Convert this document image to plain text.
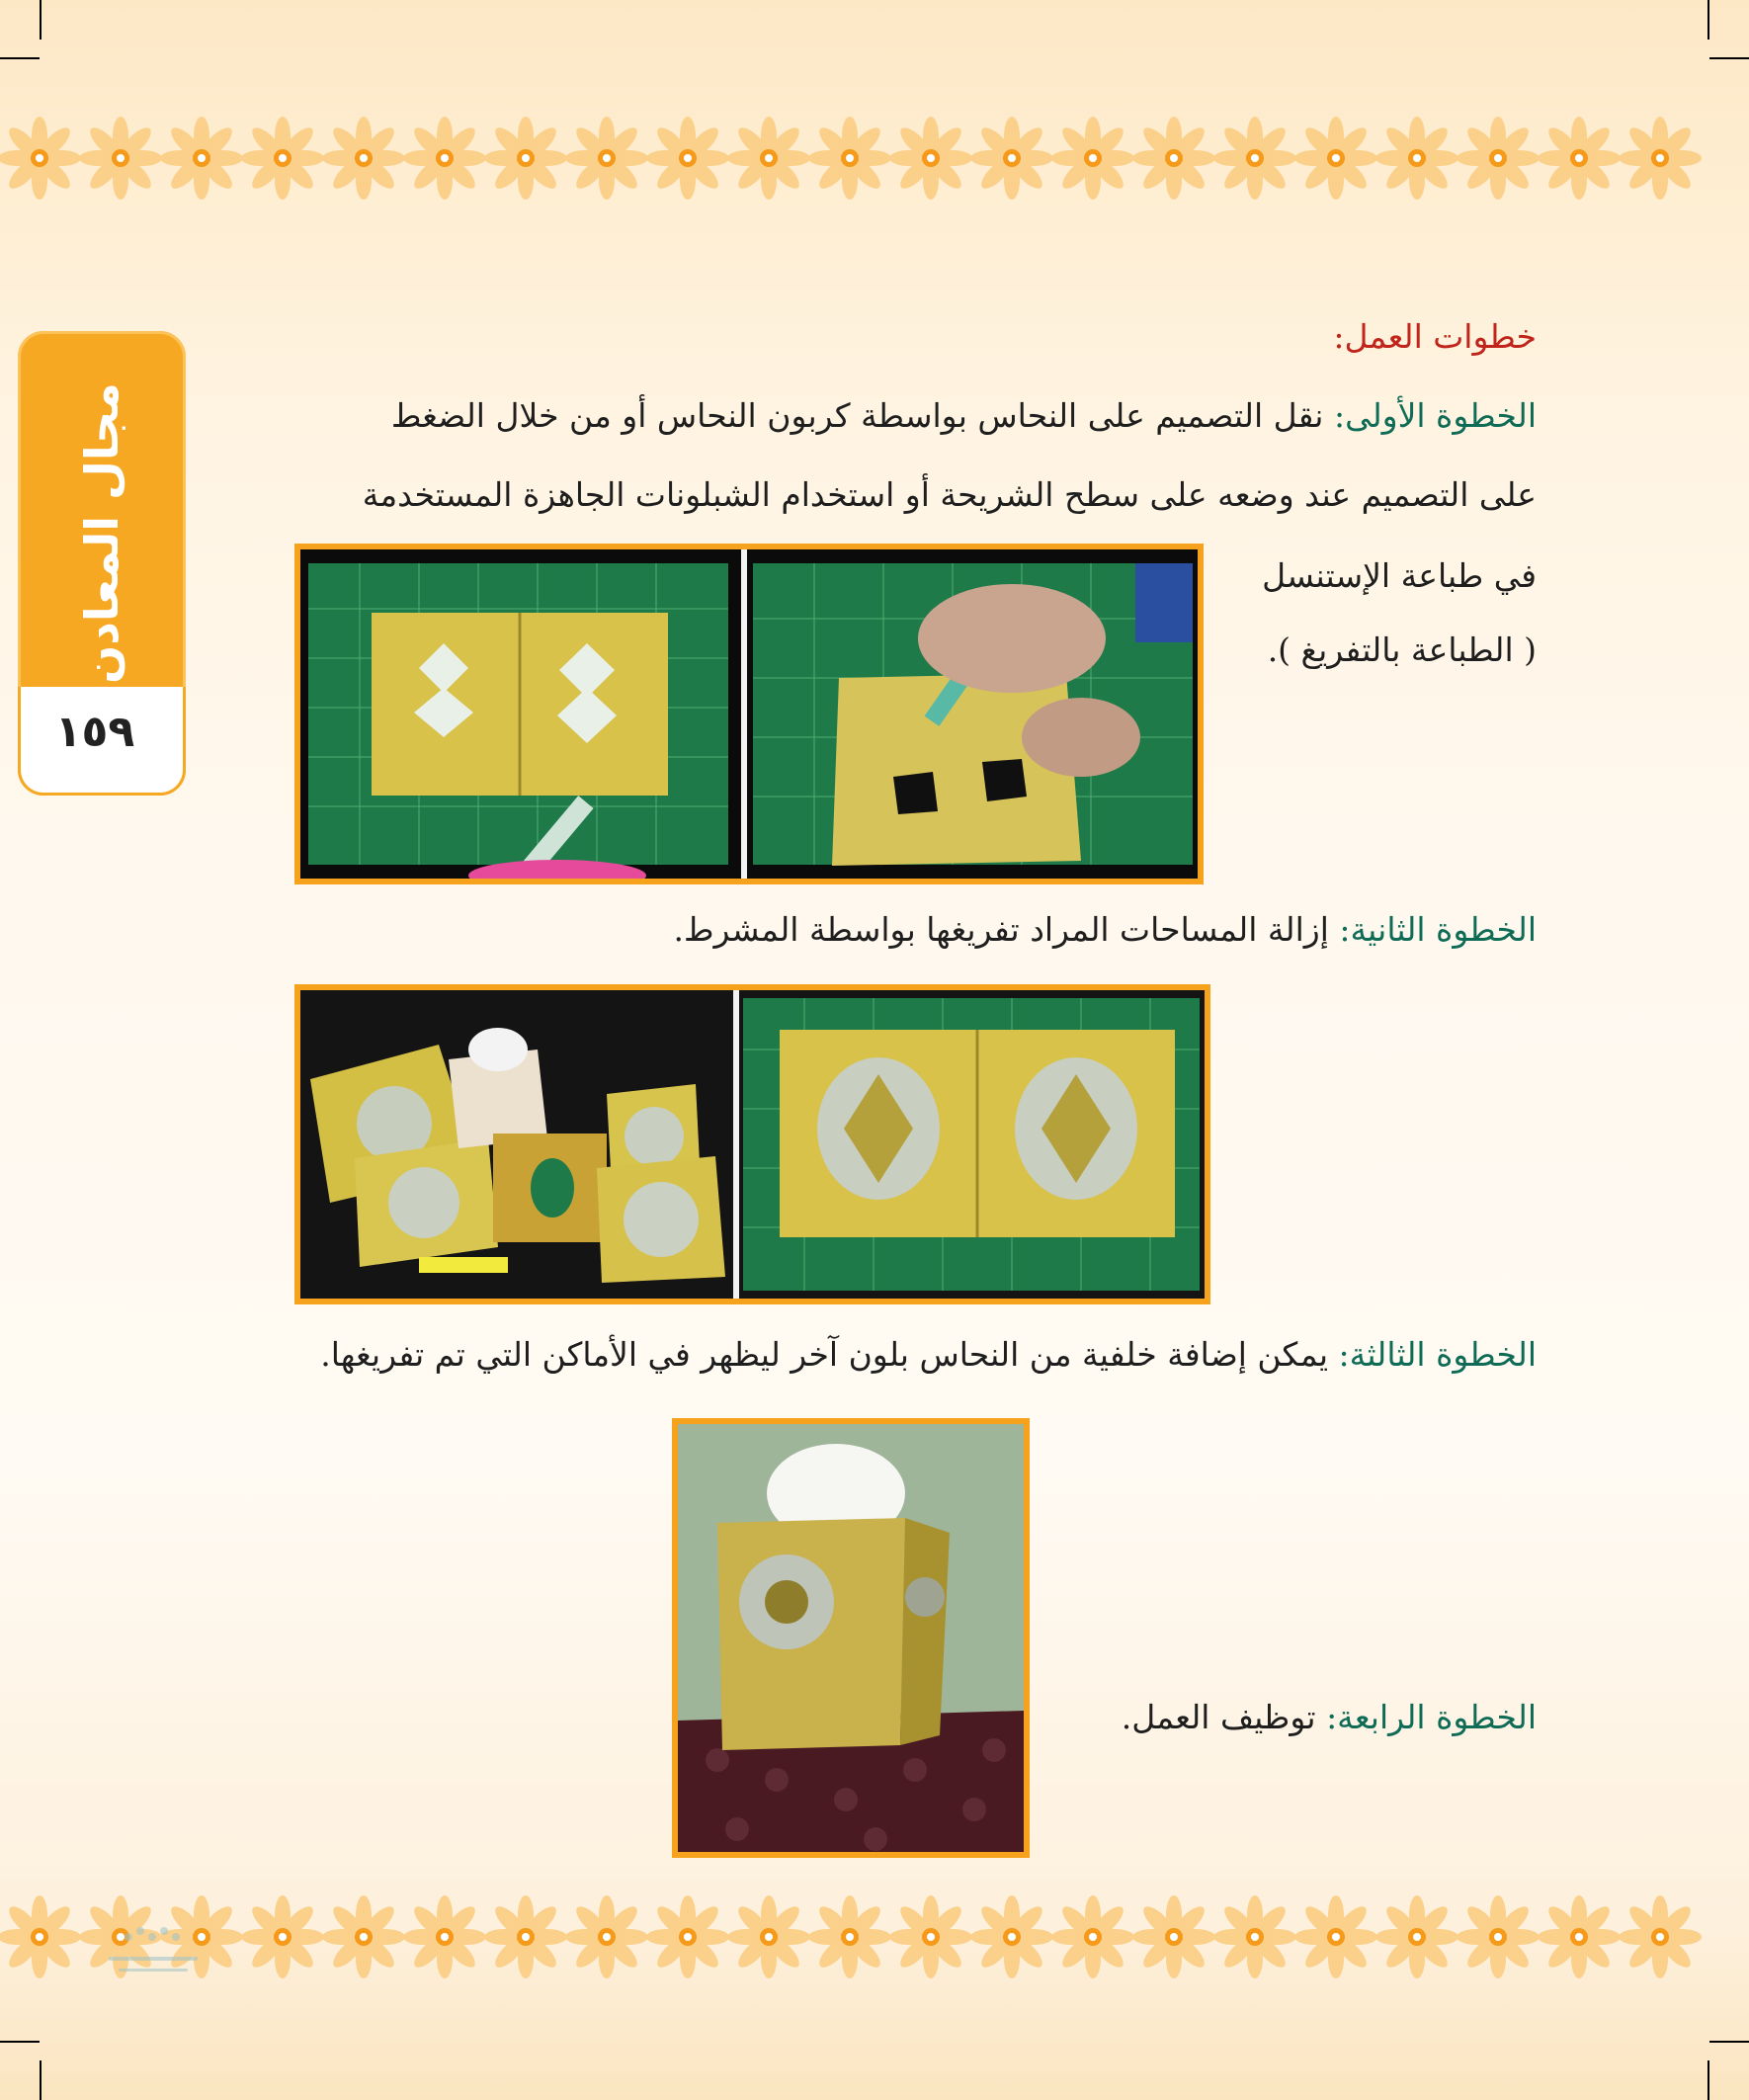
مجال المعادن
١٥٩
خطوات العمل:
الخطوة الأولى: نقل التصميم على النحاس بواسطة كربون النحاس أو من خلال الضغط
على التصميم عند وضعه على سطح الشريحة أو استخدام الشبلونات الجاهزة المستخدمة
في طباعة الإستنسل
( الطباعة بالتفريغ ).
الخطوة الثانية: إزالة المساحات المراد تفريغها بواسطة المشرط.
الخطوة الثالثة: يمكن إضافة خلفية من النحاس بلون آخر ليظهر في الأماكن التي تم تفريغها.
الخطوة الرابعة: توظيف العمل.
